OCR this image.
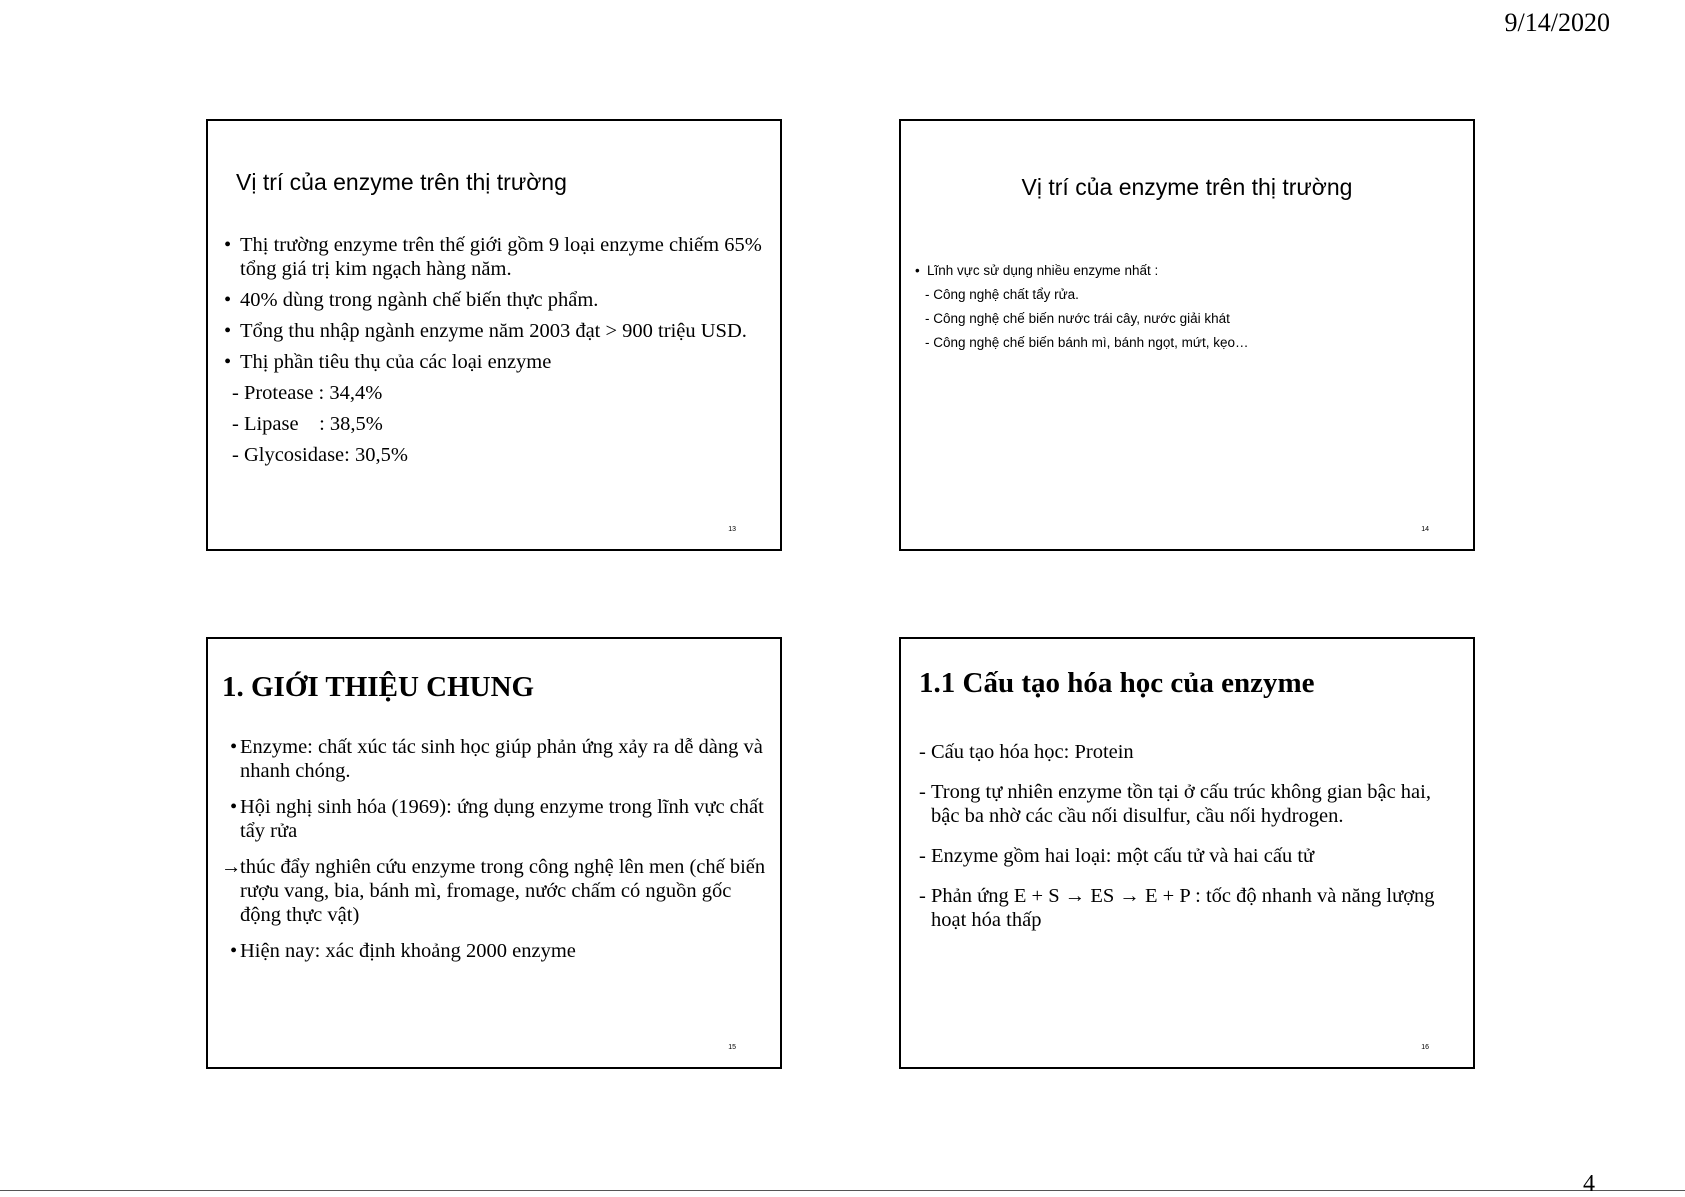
9/14/2020
Vị trí của enzyme trên thị trường
• Thị trường enzyme trên thế giới gồm 9 loại enzyme chiếm 65% tổng giá trị kim ngạch hàng năm.
• 40% dùng trong ngành chế biến thực phẩm.
• Tổng thu nhập ngành enzyme năm 2003 đạt > 900 triệu USD.
• Thị phần tiêu thụ của các loại enzyme
- Protease : 34,4%
- Lipase    : 38,5%
- Glycosidase: 30,5%
13
Vị trí của enzyme trên thị trường
• Lĩnh vực sử dụng nhiều enzyme nhất :
- Công nghệ chất tẩy rửa.
- Công nghệ chế biến nước trái cây, nước giải khát
- Công nghệ chế biến bánh mì, bánh ngọt, mứt, kẹo…
14
1. GIỚI THIỆU CHUNG
• Enzyme: chất xúc tác sinh học giúp phản ứng xảy ra dễ dàng và nhanh chóng.
• Hội nghị sinh hóa (1969): ứng dụng enzyme trong lĩnh vực chất tẩy rửa
→
thúc đẩy nghiên cứu enzyme trong công nghệ lên men (chế biến rượu vang, bia, bánh mì, fromage, nước chấm có nguồn gốc động thực vật)
• Hiện nay: xác định khoảng 2000 enzyme
15
1.1 Cấu tạo hóa học của enzyme
- Cấu tạo hóa học: Protein
- Trong tự nhiên enzyme tồn tại ở cấu trúc không gian bậc hai, bậc ba nhờ các cầu nối disulfur, cầu nối hydrogen.
- Enzyme gồm hai loại: một cấu tử và hai cấu tử
- Phản ứng E + S → ES → E + P : tốc độ nhanh và năng lượng hoạt hóa thấp
16
4
